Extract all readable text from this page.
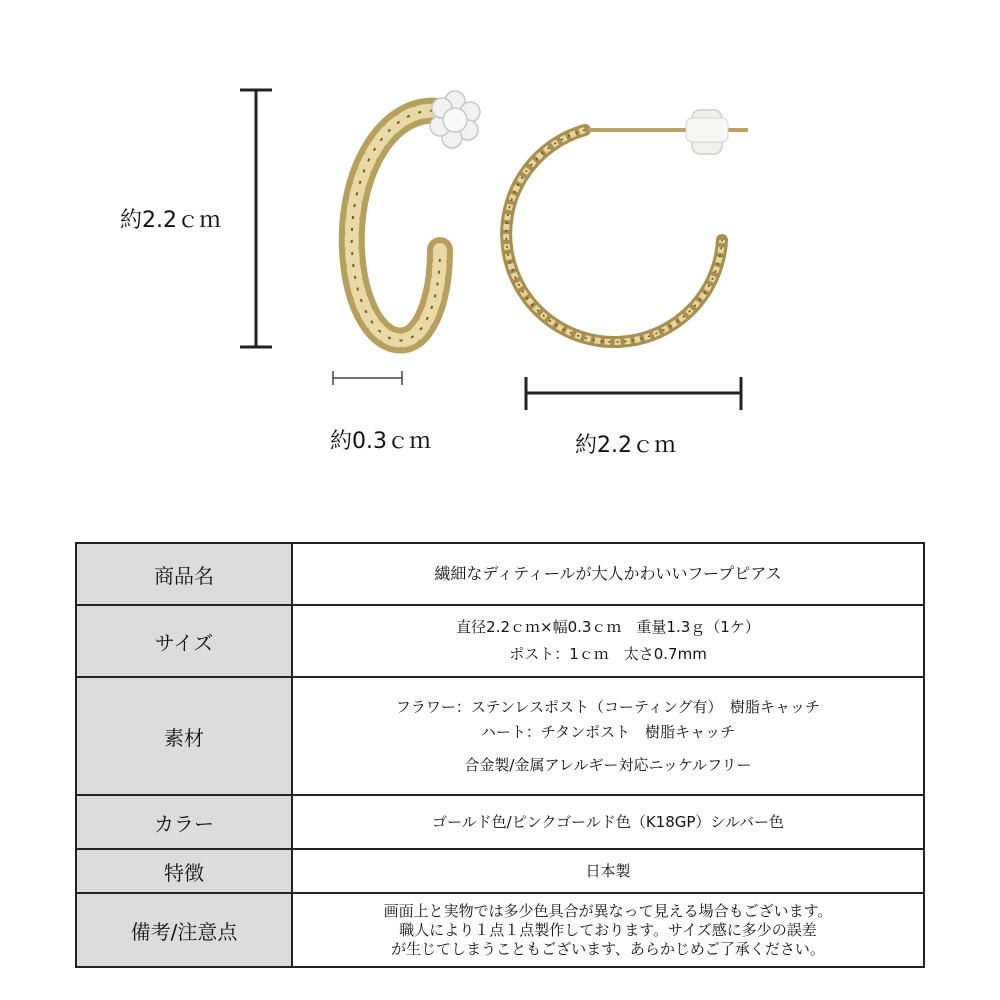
約2.2ｃｍ
約0.3ｃｍ	約2.2ｃｍ
商品名	繊細なディティールが大人かわいいフープピアス

サイズ	直径2.2ｃｍ×幅0.3ｃｍ　重量1.3ｇ（1ケ）
ポスト：1ｃｍ　太さ0.7mm

素材	フラワー：ステンレスポスト（コーティング有）　樹脂キャッチ
ハート：チタンポスト　樹脂キャッチ
合金製/金属アレルギー対応ニッケルフリー

カラー	ゴールド色/ピンクゴールド色（K18GP）シルバー色

特徴	日本製

備考/注意点	画面上と実物では多少色具合が異なって見える場合もございます。
職人により１点１点製作しております。サイズ感に多少の誤差
が生じてしまうこともございます、あらかじめご了承ください。
